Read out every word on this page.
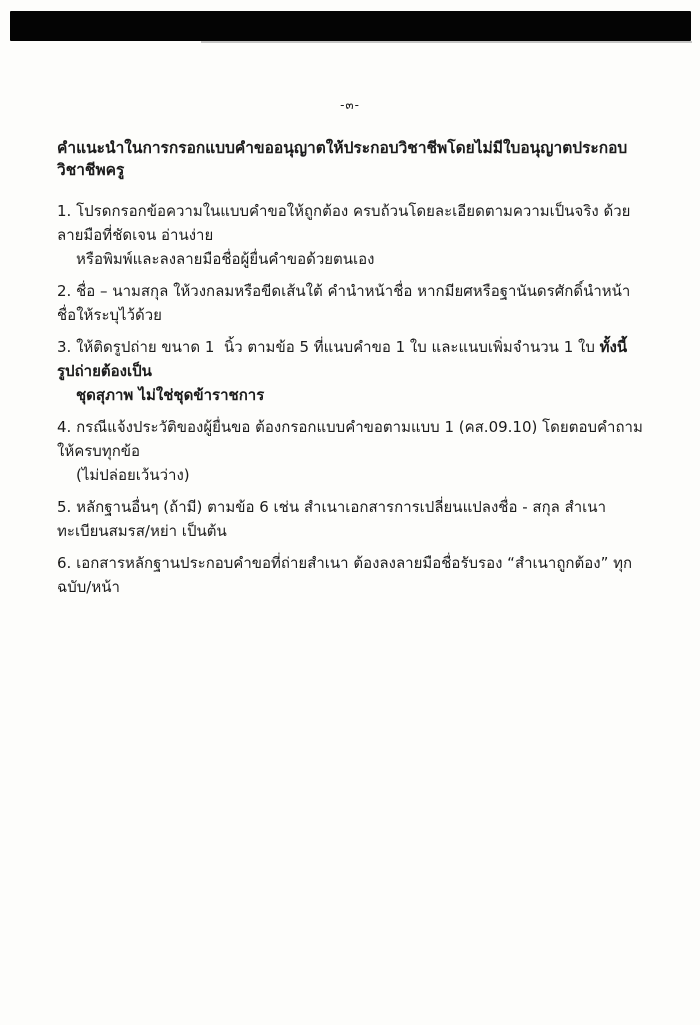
-๓-
คำแนะนำในการกรอกแบบคำขออนุญาตให้ประกอบวิชาชีพโดยไม่มีใบอนุญาตประกอบวิชาชีพครู
1. โปรดกรอกข้อความในแบบคำขอให้ถูกต้อง ครบถ้วนโดยละเอียดตามความเป็นจริง ด้วยลายมือที่ชัดเจน อ่านง่าย
หรือพิมพ์และลงลายมือชื่อผู้ยื่นคำขอด้วยตนเอง
2. ชื่อ – นามสกุล ให้วงกลมหรือขีดเส้นใต้ คำนำหน้าชื่อ หากมียศหรือฐานันดรศักดิ์นำหน้าชื่อให้ระบุไว้ด้วย
3. ให้ติดรูปถ่าย ขนาด 1  นิ้ว ตามข้อ 5 ที่แนบคำขอ 1 ใบ และแนบเพิ่มจำนวน 1 ใบ ทั้งนี้ รูปถ่ายต้องเป็น
ชุดสุภาพ ไม่ใช่ชุดข้าราชการ
4. กรณีแจ้งประวัติของผู้ยื่นขอ ต้องกรอกแบบคำขอตามแบบ 1 (คส.09.10) โดยตอบคำถามให้ครบทุกข้อ
(ไม่ปล่อยเว้นว่าง)
5. หลักฐานอื่นๆ (ถ้ามี) ตามข้อ 6 เช่น สำเนาเอกสารการเปลี่ยนแปลงชื่อ - สกุล สำเนาทะเบียนสมรส/หย่า เป็นต้น
6. เอกสารหลักฐานประกอบคำขอที่ถ่ายสำเนา ต้องลงลายมือชื่อรับรอง “สำเนาถูกต้อง” ทุกฉบับ/หน้า
